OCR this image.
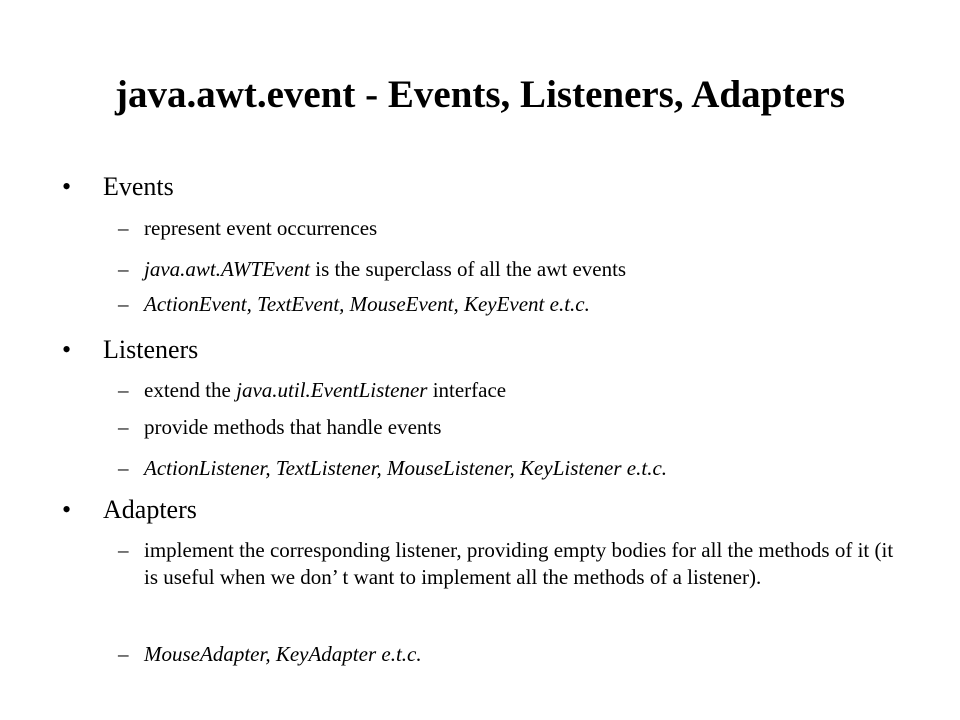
java.awt.event - Events, Listeners, Adapters
• Events
– represent event occurrences
– java.awt.AWTEvent is the superclass of all the awt events
– ActionEvent, TextEvent, MouseEvent, KeyEvent e.t.c.
• Listeners
– extend the java.util.EventListener interface
– provide methods that handle events
– ActionListener, TextListener, MouseListener, KeyListener e.t.c.
• Adapters
– implement the corresponding listener, providing empty bodies for all the methods of it (it is useful when we don’ t want to implement all the methods of a listener).
– MouseAdapter, KeyAdapter e.t.c.
